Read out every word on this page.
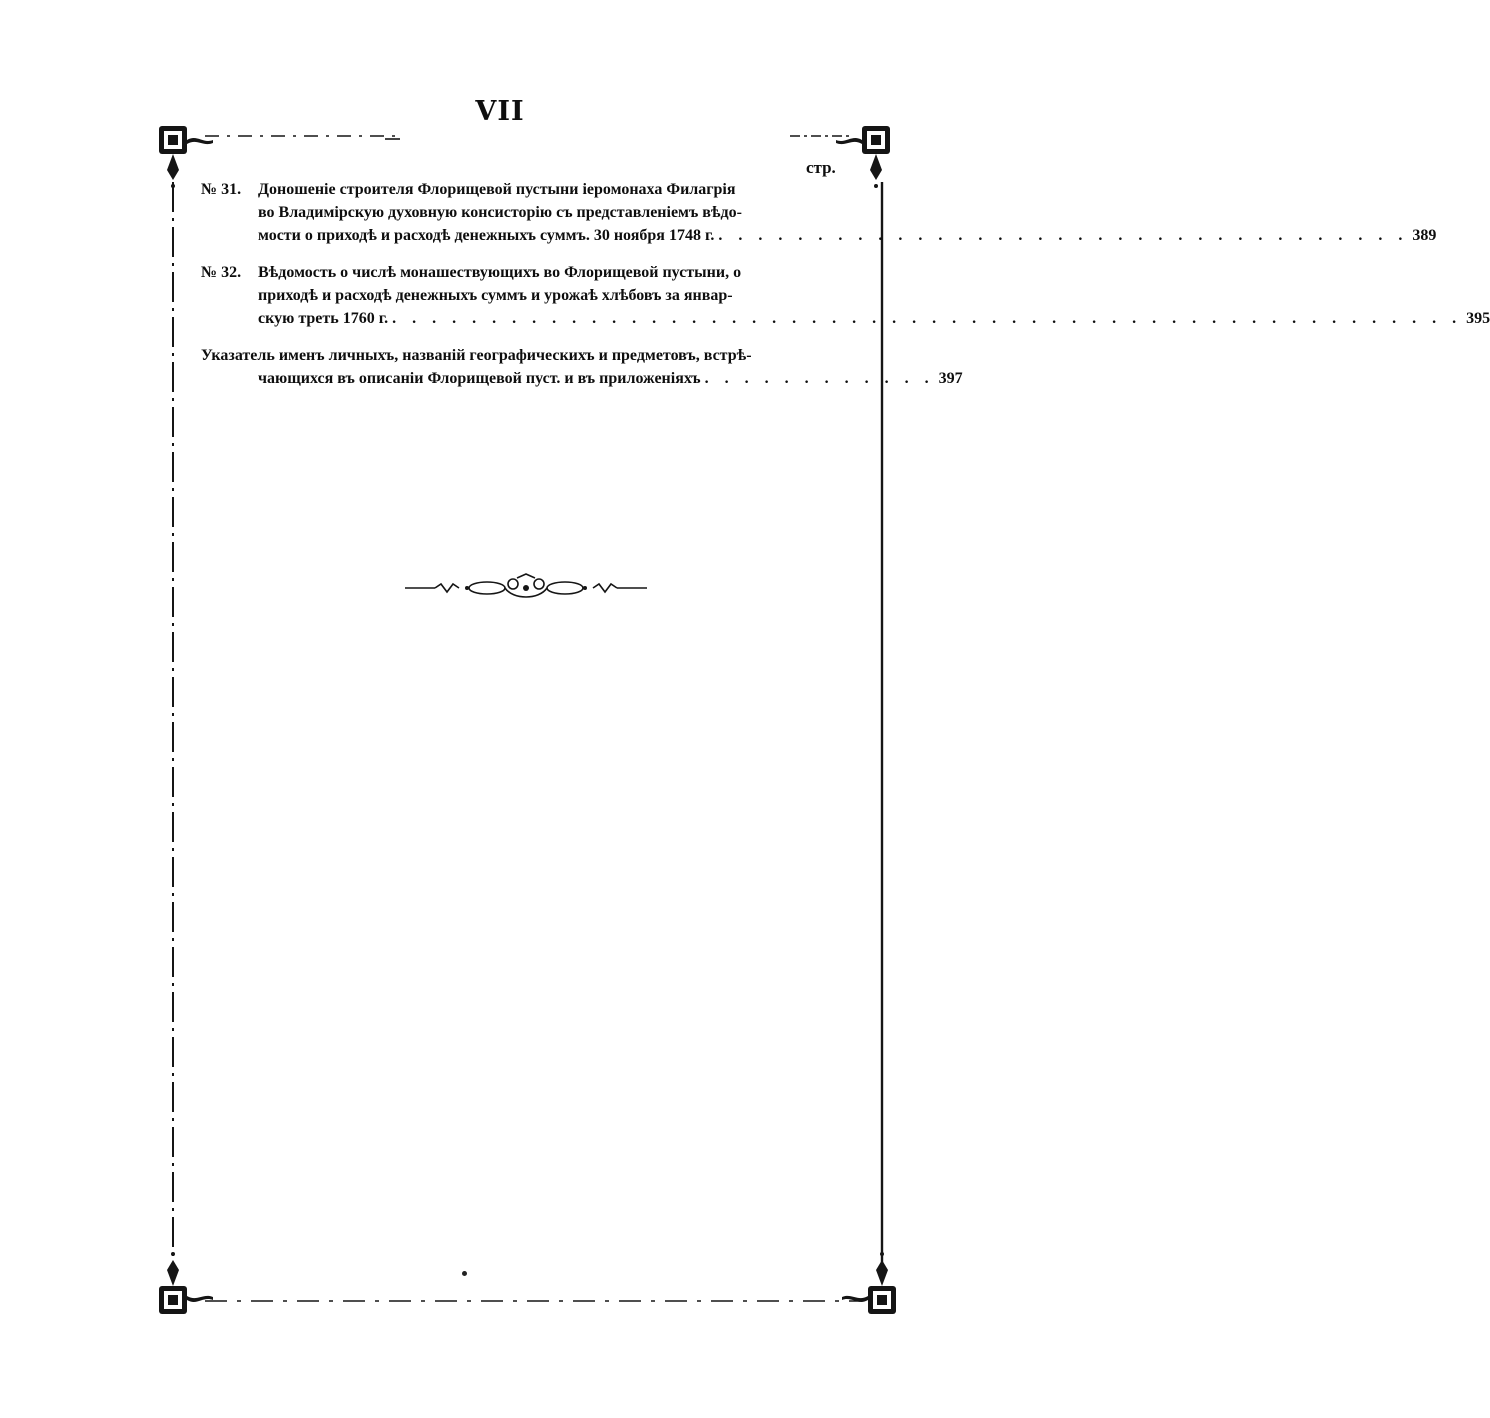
VII
стр.
№ 31.	Доношеніе строителя Флорищевой пустыни іеромонаха Филагрія
во Владимірскую духовную консисторію съ представленіемъ вѣдо-
мости о приходѣ и расходѣ денежныхъ суммъ. 30 ноября 1748 г. . . . . . . . . . . . . . . . . . . . . . . . . . . . . . . . . . . . 389
№ 32.	Вѣдомость о числѣ монашествующихъ во Флорищевой пустыни, о
приходѣ и расходѣ денежныхъ суммъ и урожаѣ хлѣбовъ за январ-
скую треть 1760 г. . . . . . . . . . . . . . . . . . . . . . . . . . . . . . . . . . . . . . . . . . . . . . . . . . . . . . . 395
Указатель именъ личныхъ, названій географическихъ и предметовъ, встрѣ-
чающихся въ описаніи Флорищевой пуст. и въ приложеніяхъ . . . . . . . . . . . . 397
